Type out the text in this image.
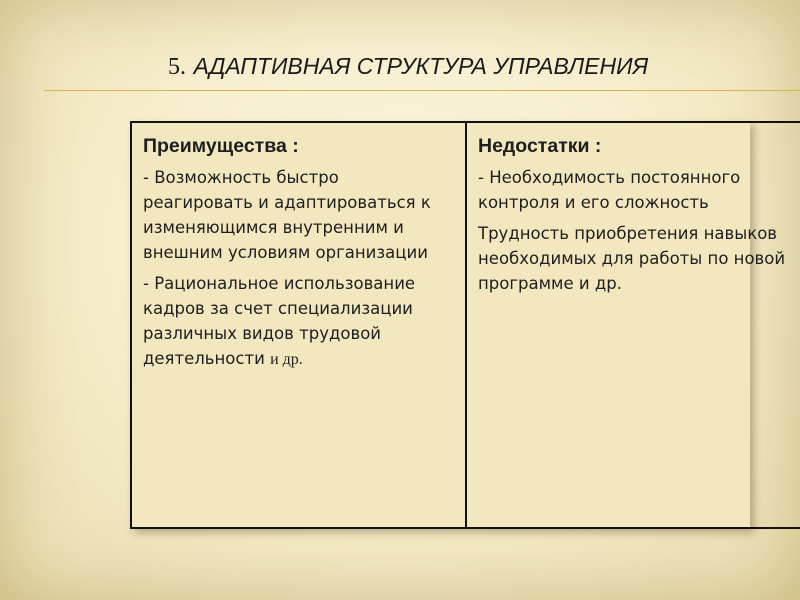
5. АДАПТИВНАЯ СТРУКТУРА УПРАВЛЕНИЯ
Преимущества :
- Возможность быстро реагировать и адаптироваться к изменяющимся внутренним и внешним условиям организации
- Рациональное использование кадров за счет специализации различных видов трудовой деятельности и др.

Недостатки :
- Необходимость постоянного контроля и его сложность
Трудность приобретения навыков необходимых для работы по новой программе и др.
